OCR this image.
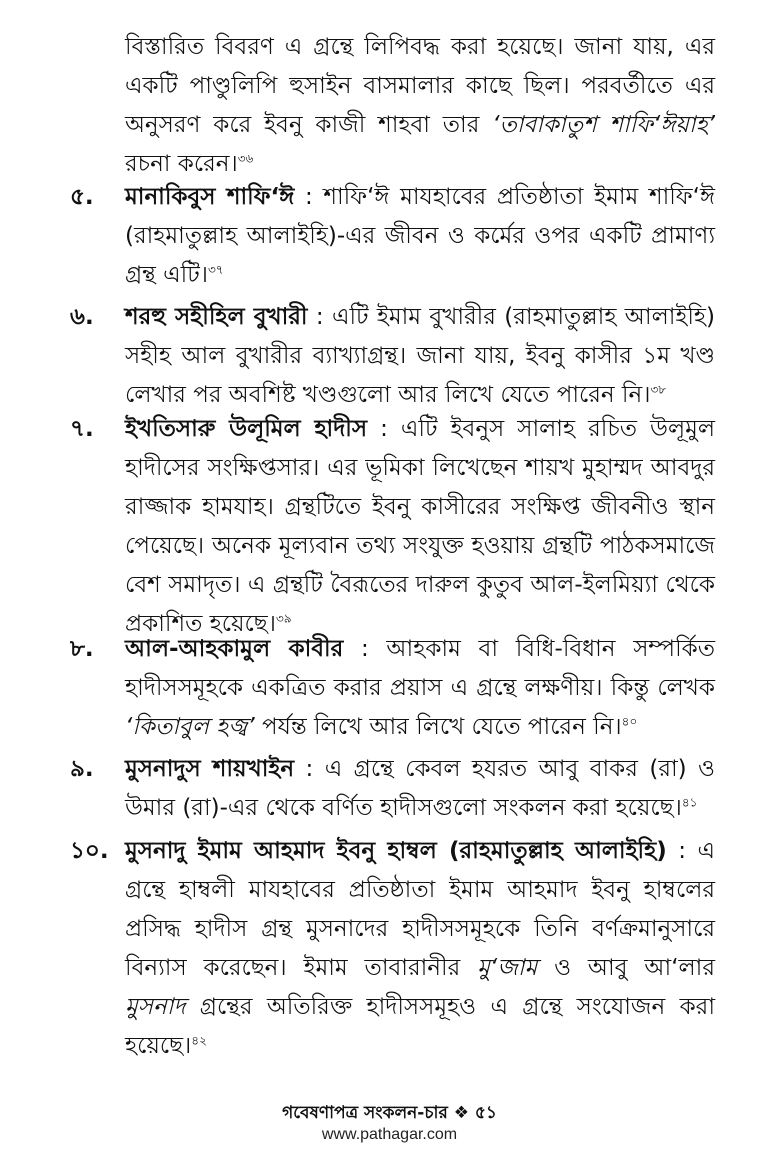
বিস্তারিত বিবরণ এ গ্রন্থে লিপিবদ্ধ করা হয়েছে। জানা যায়, এর একটি পাণ্ডুলিপি হুসাইন বাসমালার কাছে ছিল। পরবর্তীতে এর অনুসরণ করে ইবনু কাজী শাহবা তার ‘তাবাকাতুশ শাফি‘ঈয়াহ’ রচনা করেন।$^{৩৬}$

৫.	মানাকিবুস শাফি‘ঈ : শাফি‘ঈ মাযহাবের প্রতিষ্ঠাতা ইমাম শাফি‘ঈ (রাহমাতুল্লাহ আলাইহি)-এর জীবন ও কর্মের ওপর একটি প্রামাণ্য গ্রন্থ এটি।$^{৩৭}$

৬.	শরহু সহীহিল বুখারী : এটি ইমাম বুখারীর (রাহমাতুল্লাহ আলাইহি) সহীহ আল বুখারীর ব্যাখ্যাগ্রন্থ। জানা যায়, ইবনু কাসীর ১ম খণ্ড লেখার পর অবশিষ্ট খণ্ডগুলো আর লিখে যেতে পারেন নি।$^{৩৮}$

৭.	ইখতিসারু উলূমিল হাদীস : এটি ইবনুস সালাহ রচিত উলূমুল হাদীসের সংক্ষিপ্তসার। এর ভূমিকা লিখেছেন শায়খ মুহাম্মদ আবদুর রাজ্জাক হামযাহ। গ্রন্থটিতে ইবনু কাসীরের সংক্ষিপ্ত জীবনীও স্থান পেয়েছে। অনেক মূল্যবান তথ্য সংযুক্ত হওয়ায় গ্রন্থটি পাঠকসমাজে বেশ সমাদৃত। এ গ্রন্থটি বৈরূতের দারুল কুতুব আল-ইলমিয়্যা থেকে প্রকাশিত হয়েছে।$^{৩৯}$

৮.	আল-আহকামুল কাবীর : আহকাম বা বিধি-বিধান সম্পর্কিত হাদীসসমূহকে একত্রিত করার প্রয়াস এ গ্রন্থে লক্ষণীয়। কিন্তু লেখক ‘কিতাবুল হজ্ব’ পর্যন্ত লিখে আর লিখে যেতে পারেন নি।$^{৪০}$

৯.	মুসনাদুস শায়খাইন : এ গ্রন্থে কেবল হযরত আবু বাকর (রা) ও উমার (রা)-এর থেকে বর্ণিত হাদীসগুলো সংকলন করা হয়েছে।$^{৪১}$

১০. মুসনাদু ইমাম আহমাদ ইবনু হাম্বল (রাহমাতুল্লাহ আলাইহি) : এ গ্রন্থে হাম্বলী মাযহাবের প্রতিষ্ঠাতা ইমাম আহমাদ ইবনু হাম্বলের প্রসিদ্ধ হাদীস গ্রন্থ মুসনাদের হাদীসসমূহকে তিনি বর্ণক্রমানুসারে বিন্যাস করেছেন। ইমাম তাবারানীর মু‘জাম ও আবু আ‘লার মুসনাদ গ্রন্থের অতিরিক্ত হাদীসসমূহও এ গ্রন্থে সংযোজন করা হয়েছে।$^{৪২}$

গবেষণাপত্র সংকলন-চার ❖ ৫১
www.pathagar.com
